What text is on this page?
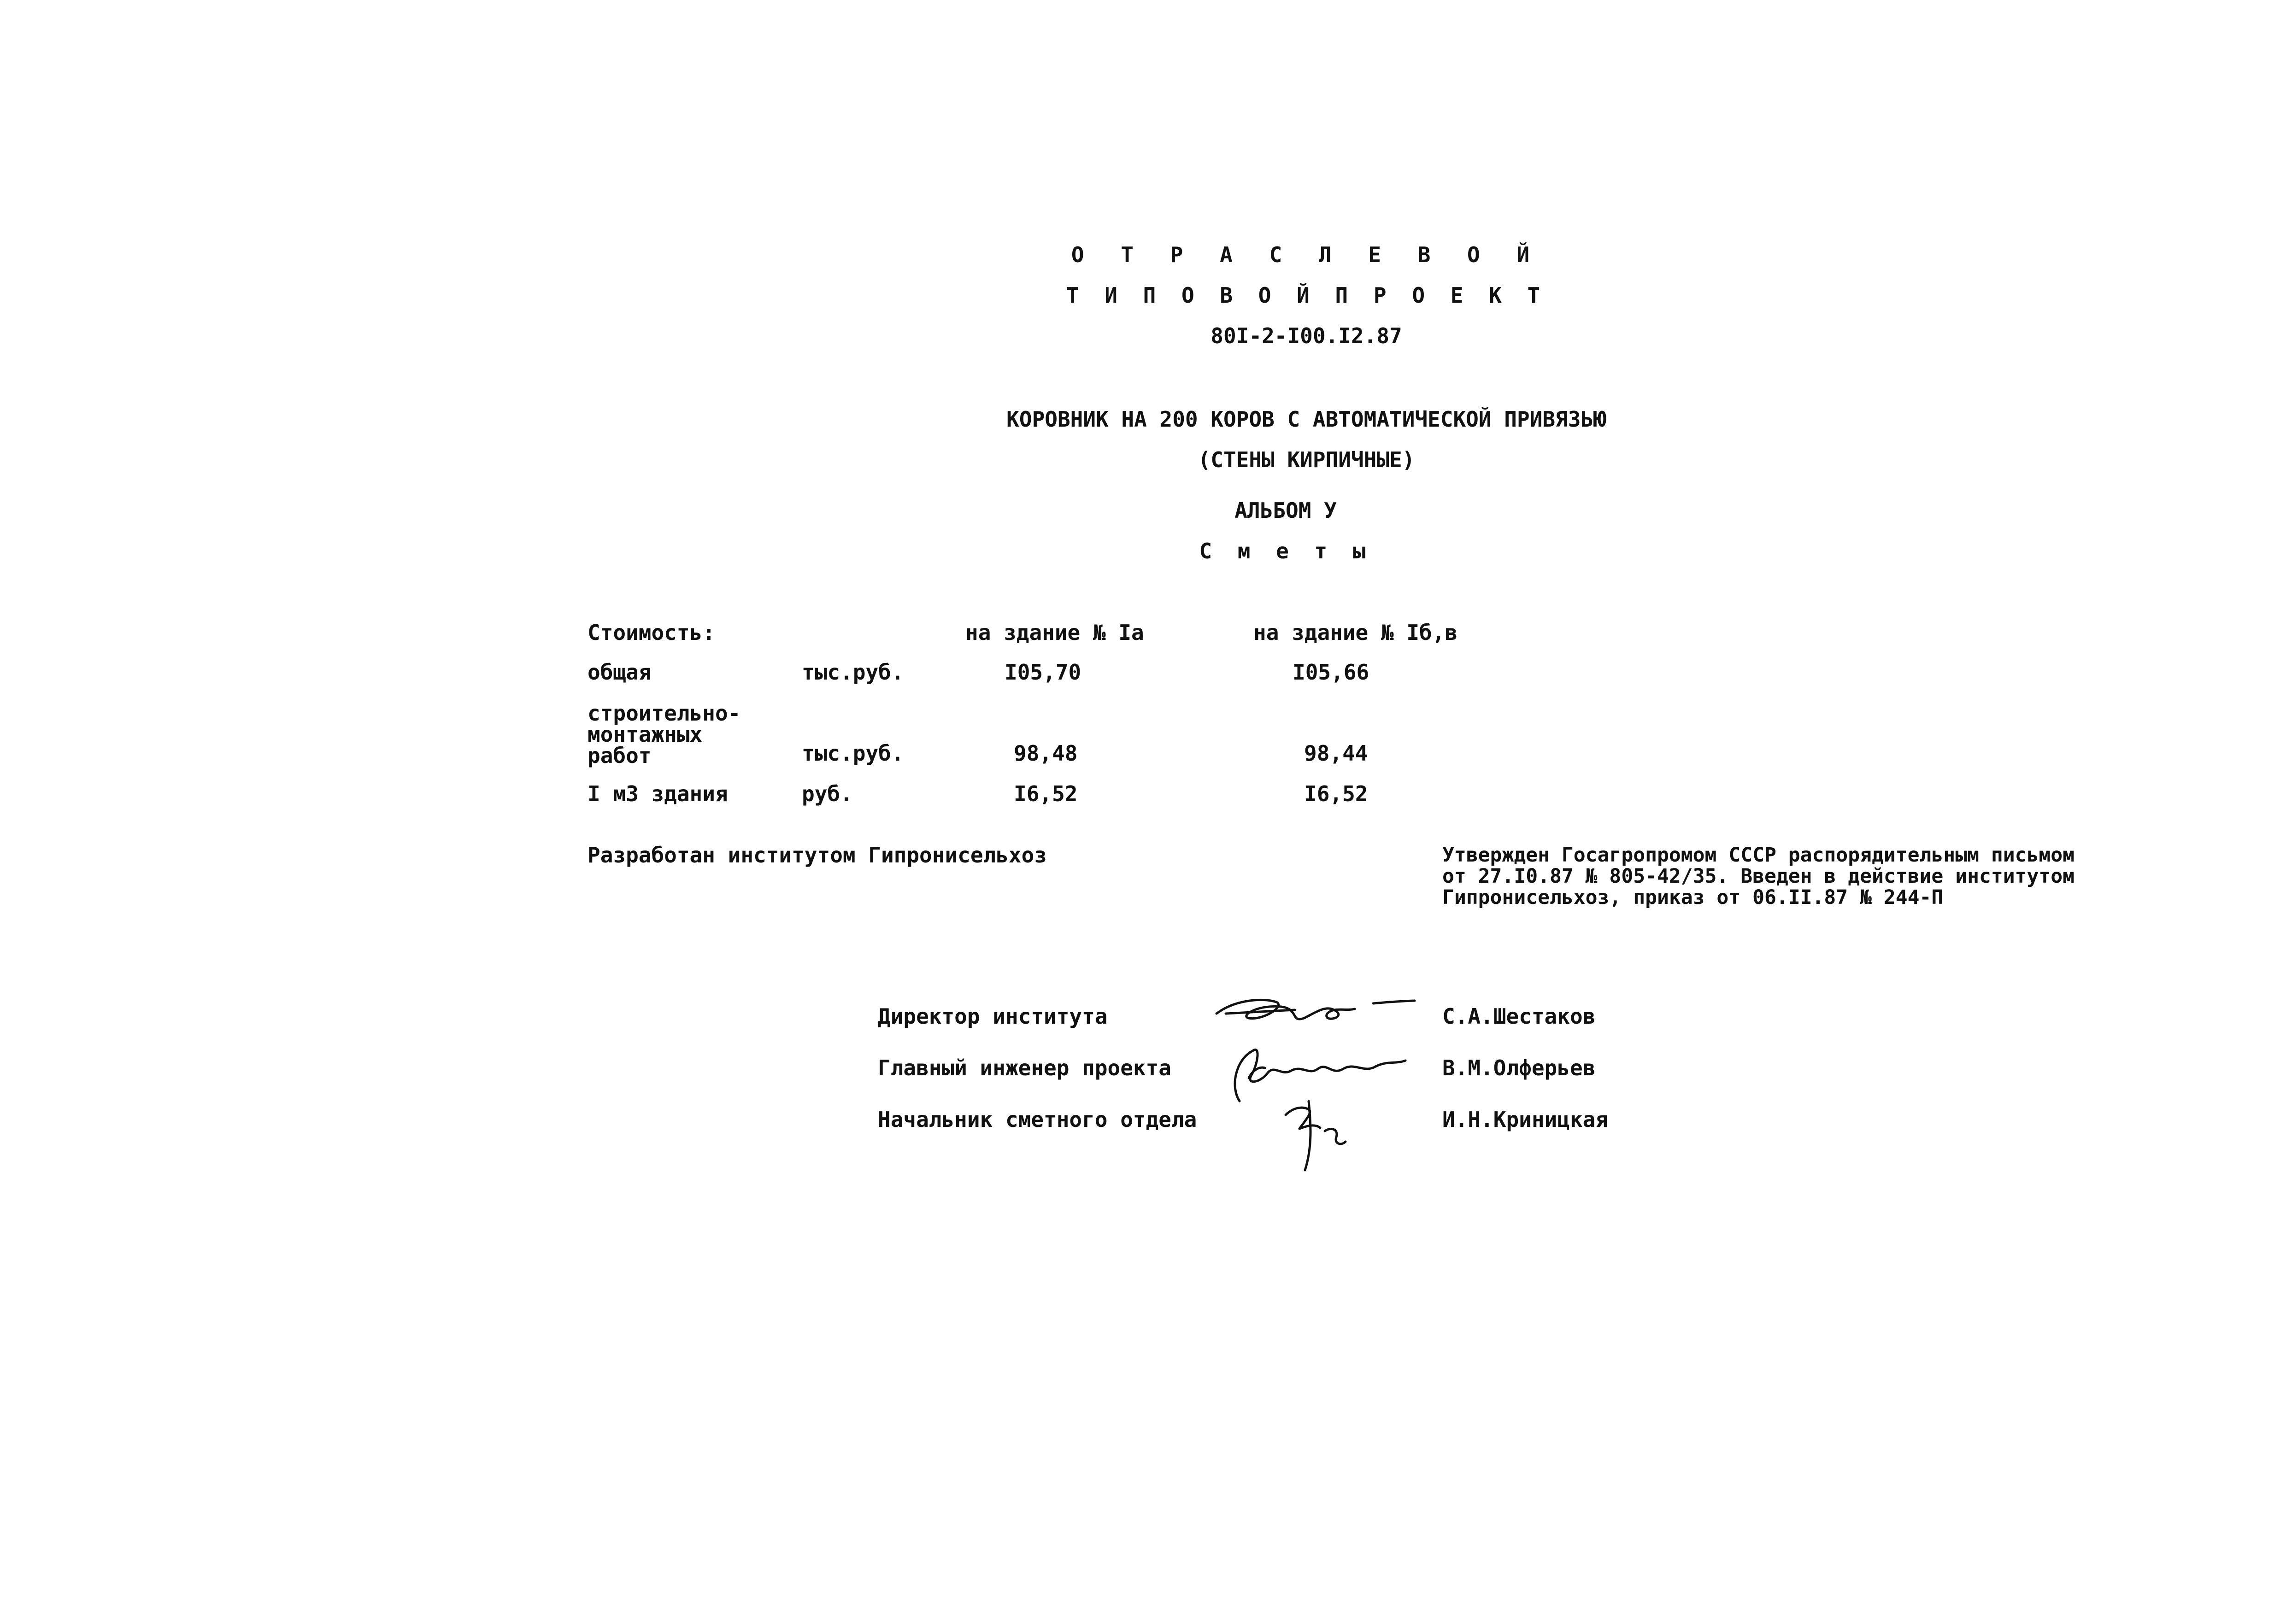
О Т Р А С Л Е В О Й
Т И П О В О Й П Р О Е К Т
80I-2-I00.I2.87
КОРОВНИК НА 200 КОРОВ С АВТОМАТИЧЕСКОЙ ПРИВЯЗЬЮ
(СТЕНЫ КИРПИЧНЫЕ)
АЛЬБОМ У
С м е т ы
Стоимость:	на здание № Iа	на здание № Iб,в
общая	тыс.руб.	I05,70	I05,66
строительно-
монтажных
работ	тыс.руб.	98,48	98,44
I м3 здания	руб.	I6,52	I6,52
Разработан институтом Гипронисельхоз	Утвержден Госагропромом СССР распорядительным письмом
от 27.I0.87 № 805-42/35. Введен в действие институтом
Гипронисельхоз, приказ от 06.II.87 № 244-П
Директор института
Главный инженер проекта
Начальник сметного отдела
С.А.Шестаков
В.М.Олферьев
И.Н.Криницкая
